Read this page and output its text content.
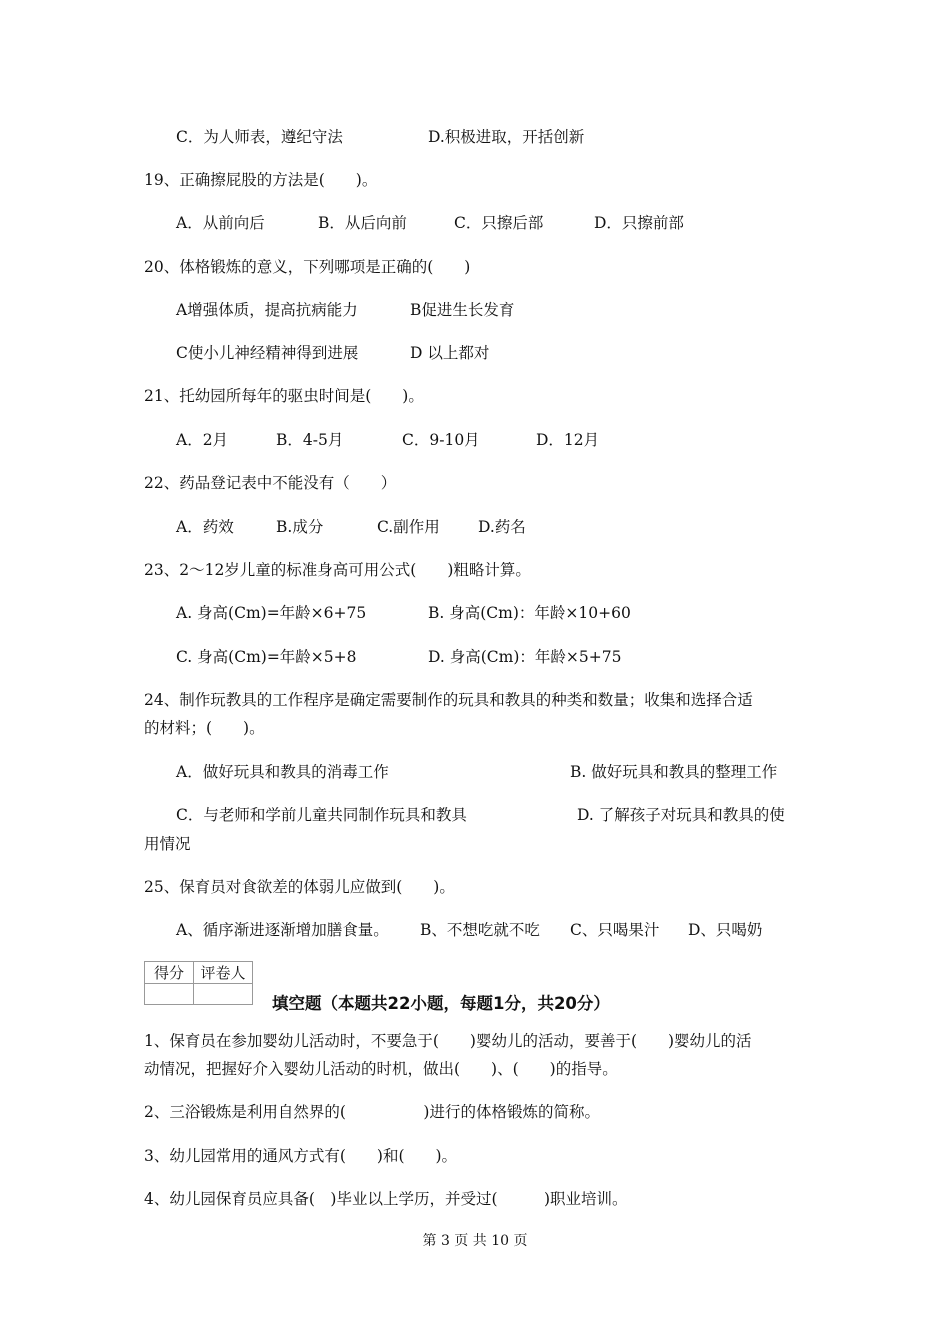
C．为人师表，遵纪守法	D.积极进取，开括创新
19、正确擦屁股的方法是(　　)。
A．从前向后	B．从后向前	C．只擦后部	D．只擦前部
20、体格锻炼的意义，下列哪项是正确的(　　)
A增强体质，提高抗病能力	B促进生长发育
C使小儿神经精神得到进展	D 以上都对
21、托幼园所每年的驱虫时间是(　　)。
A．2月	B．4-5月	C．9-10月	D．12月
22、药品登记表中不能没有（　　）
A．药效	B.成分	C.副作用 D.药名
23、2～12岁儿童的标准身高可用公式(　　)粗略计算。
A. 身高(Cm)=年龄×6+75	B. 身高(Cm)：年龄×10+60
C. 身高(Cm)=年龄×5+8	D. 身高(Cm)：年龄×5+75
24、制作玩教具的工作程序是确定需要制作的玩具和教具的种类和数量；收集和选择合适
的材料；(　　)。
A．做好玩具和教具的消毒工作	B. 做好玩具和教具的整理工作
C．与老师和学前儿童共同制作玩具和教具	D. 了解孩子对玩具和教具的使
用情况
25、保育员对食欲差的体弱儿应做到(　　)。
A、循序渐进逐渐增加膳食量。 B、不想吃就不吃 C、只喝果汁 D、只喝奶
得分	评卷人

填空题（本题共22小题，每题1分，共20分）
1、保育员在参加婴幼儿活动时，不要急于(　　)婴幼儿的活动，要善于(　　)婴幼儿的活
动情况，把握好介入婴幼儿活动的时机，做出(　　)、(　　)的指导。
2、三浴锻炼是利用自然界的(　　　　　)进行的体格锻炼的简称。
3、幼儿园常用的通风方式有(　　)和(　　)。
4、幼儿园保育员应具备(　)毕业以上学历，并受过(　　　)职业培训。
第 3 页 共 10 页
